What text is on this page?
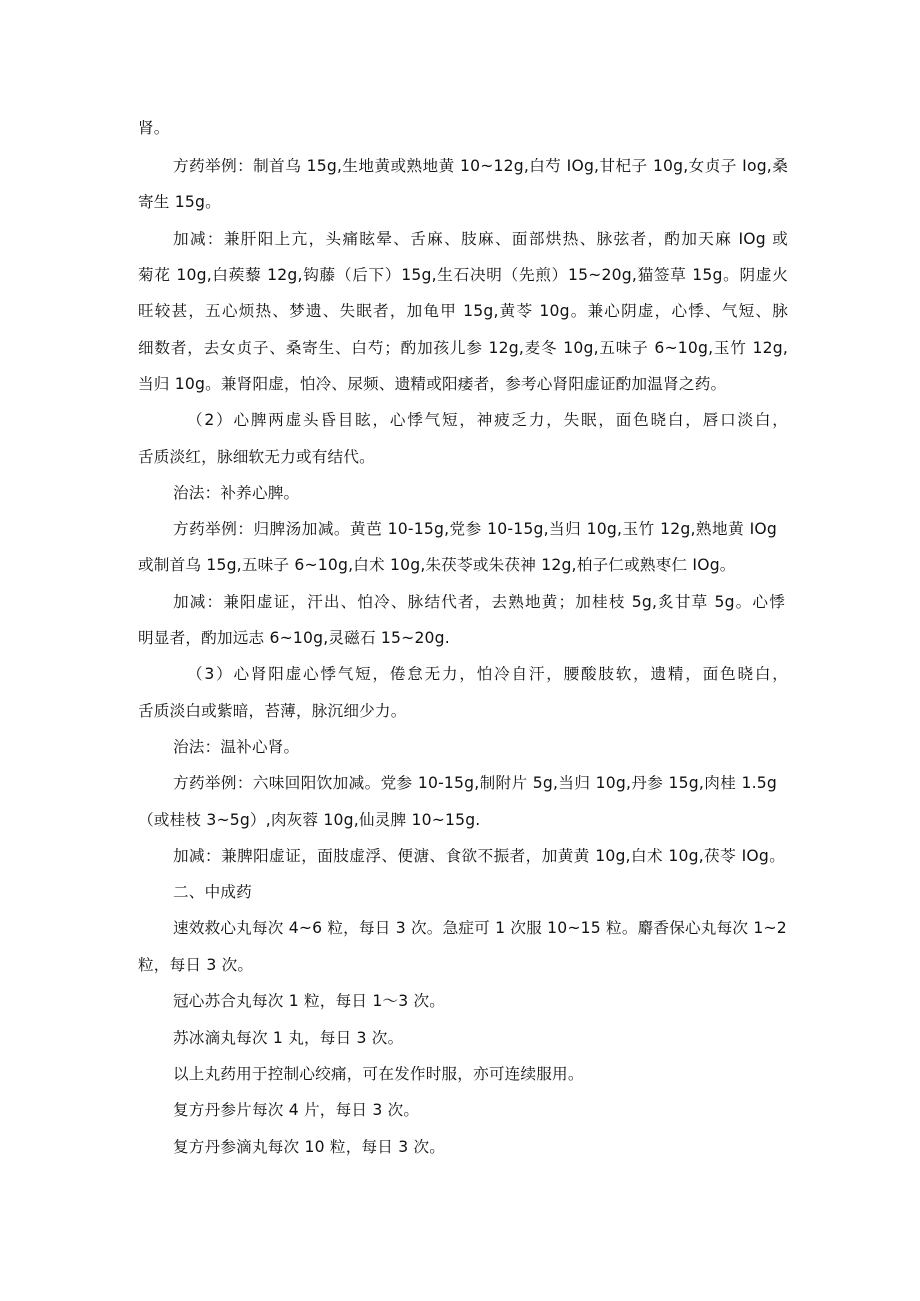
肾。
方药举例：制首乌 15g,生地黄或熟地黄 10~12g,白芍 IOg,甘杞子 10g,女贞子 Iog,桑
寄生 15g。
加减：兼肝阳上亢，头痛眩晕、舌麻、肢麻、面部烘热、脉弦者，酌加天麻 IOg 或
菊花 10g,白蒺藜 12g,钩藤（后下）15g,生石决明（先煎）15~20g,猫签草 15g。阴虚火
旺较甚，五心烦热、梦遗、失眠者，加龟甲 15g,黄苓 10g。兼心阴虚，心悸、气短、脉
细数者，去女贞子、桑寄生、白芍；酌加孩儿参 12g,麦冬 10g,五味子 6~10g,玉竹 12g,
当归 10g。兼肾阳虚，怕冷、尿频、遗精或阳痿者，参考心肾阳虚证酌加温肾之药。
（2）心脾两虚头昏目眩，心悸气短，神疲乏力，失眠，面色晓白，唇口淡白，
舌质淡红，脉细软无力或有结代。
治法：补养心脾。
方药举例：归脾汤加减。黄芭 10-15g,党参 10-15g,当归 10g,玉竹 12g,熟地黄 IOg
或制首乌 15g,五味子 6~10g,白术 10g,朱茯苓或朱茯神 12g,柏子仁或熟枣仁 IOg。
加减：兼阳虚证，汗出、怕冷、脉结代者，去熟地黄；加桂枝 5g,炙甘草 5g。心悸
明显者，酌加远志 6~10g,灵磁石 15~20g.
（3）心肾阳虚心悸气短，倦怠无力，怕冷自汗，腰酸肢软，遗精，面色晓白，
舌质淡白或紫暗，苔薄，脉沉细少力。
治法：温补心肾。
方药举例：六味回阳饮加减。党参 10-15g,制附片 5g,当归 10g,丹参 15g,肉桂 1.5g
（或桂枝 3~5g）,肉灰蓉 10g,仙灵脾 10~15g.
加减：兼脾阳虚证，面肢虚浮、便溏、食欲不振者，加黄黄 10g,白术 10g,茯苓 IOg。
二、中成药
速效救心丸每次 4~6 粒，每日 3 次。急症可 1 次服 10~15 粒。麝香保心丸每次 1~2
粒，每日 3 次。
冠心苏合丸每次 1 粒，每日 1～3 次。
苏冰滴丸每次 1 丸，每日 3 次。
以上丸药用于控制心绞痛，可在发作时服，亦可连续服用。
复方丹参片每次 4 片，每日 3 次。
复方丹参滴丸每次 10 粒，每日 3 次。
